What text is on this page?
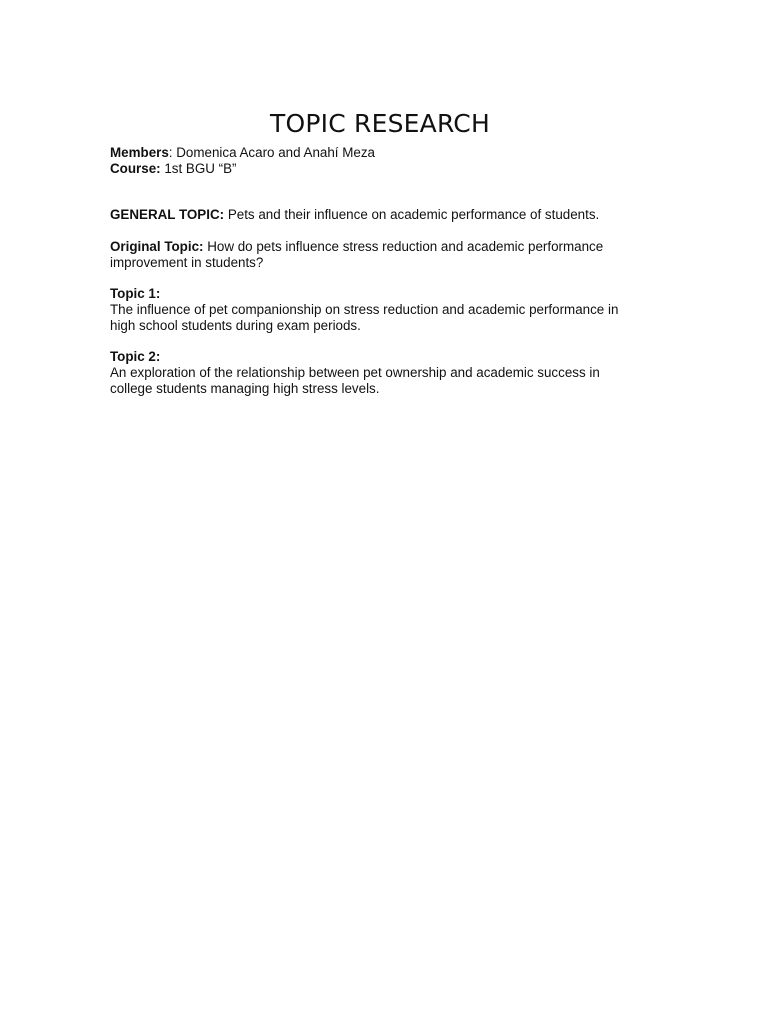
TOPIC RESEARCH
Members: Domenica Acaro and Anahí Meza
Course: 1st BGU “B”
GENERAL TOPIC: Pets and their influence on academic performance of students.
Original Topic: How do pets influence stress reduction and academic performance
improvement in students?
Topic 1:
The influence of pet companionship on stress reduction and academic performance in
high school students during exam periods.
Topic 2:
An exploration of the relationship between pet ownership and academic success in
college students managing high stress levels.
